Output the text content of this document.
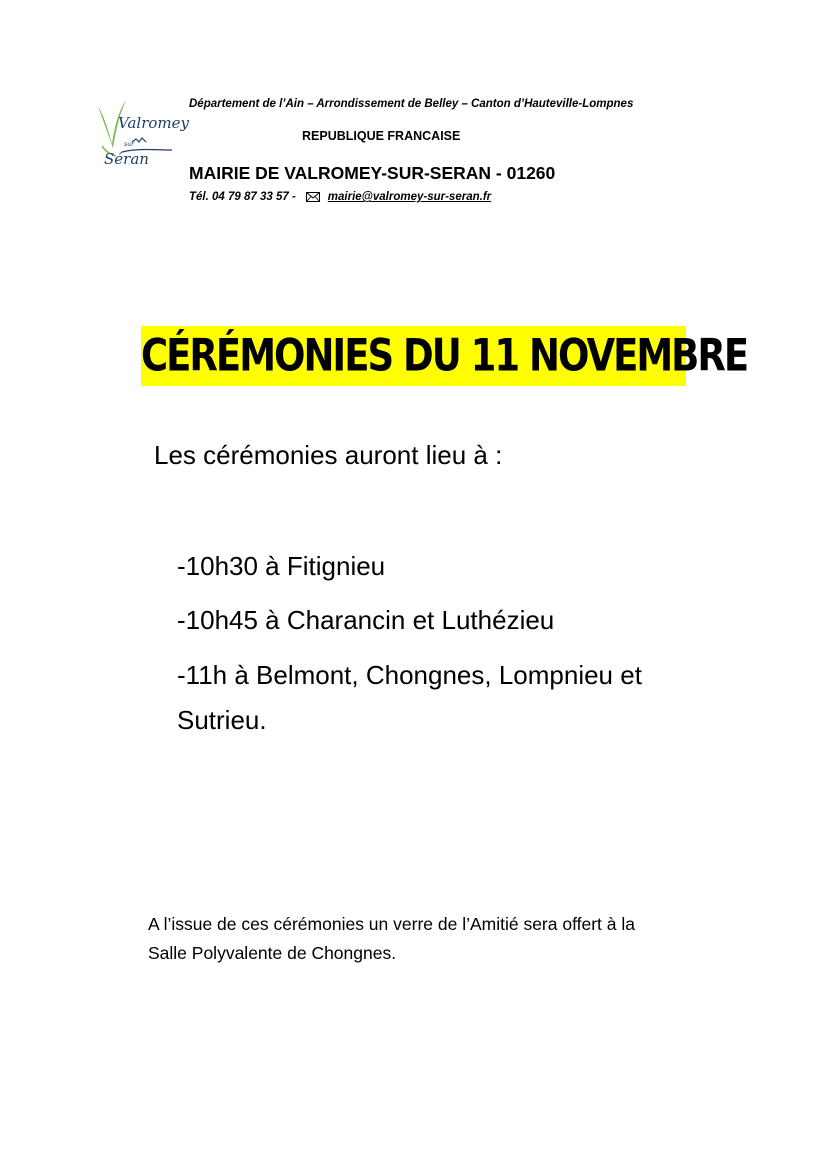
Valromey
sur
Séran
Département de l’Ain – Arrondissement de Belley – Canton d’Hauteville-Lompnes
REPUBLIQUE FRANCAISE
MAIRIE DE VALROMEY-SUR-SERAN - 01260
Tél. 04 79 87 33 57 -	mairie@valromey-sur-seran.fr
CÉRÉMONIES DU 11 NOVEMBRE
Les cérémonies auront lieu à :
-10h30 à Fitignieu
-10h45 à Charancin et Luthézieu
-11h à Belmont, Chongnes, Lompnieu et
Sutrieu.
A l’issue de ces cérémonies un verre de l’Amitié sera offert à la
Salle Polyvalente de Chongnes.
